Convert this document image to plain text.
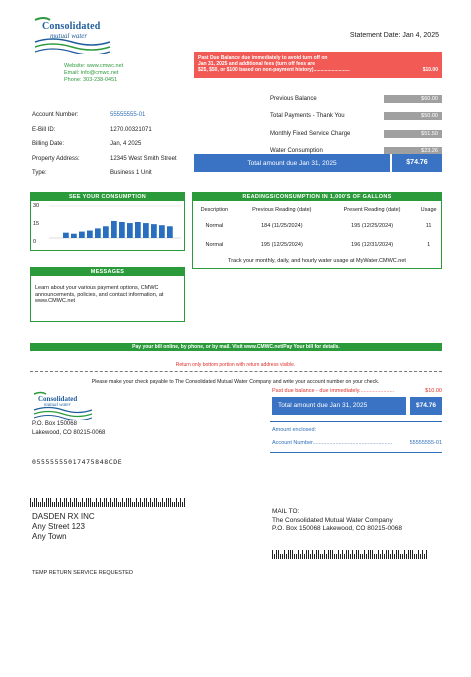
Consolidated
mutual water
Website: www.cmwc.net
Email: info@cmwc.net
Phone: 303-238-0451
Statement Date: Jan 4, 2025
Past Due Balance due immediately to avoid turn off on
Jan 31, 2025 and additional fees (turn off fees are
$25, $50, or $100 based on non-payment history)..........................	$10.00
Account Number:	55555555-01
E-Bill ID:	1270.00321071
Billing Date:	Jan, 4 2025
Property Address:	12345 West Smith Street
Type:	Business 1 Unit
Previous Balance	$60.00
Total Payments - Thank You	$50.00
Monthly Fixed Service Charge	$51.50
Water Consumption	$23.26
Total amount due Jan 31, 2025	$74.76
SEE YOUR CONSUMPTION
30
15
0
READINGS/CONSUMPTION IN 1,000'S OF GALLONS
Description	Previous Reading (date)	Present Reading (date)	Usage
Normal	184 (11/25/2024)	195 (12/25/2024)	11
Normal	195 (12/25/2024)	196 (12/31/2024)	1
Track your monthly, daily, and hourly water usage at MyWater.CMWC.net
MESSAGES
Learn about your various payment options, CMWC announcements, policies, and contact information, at www.CMWC.net
Pay your bill online, by phone, or by mail. Visit www.CMWC.net/Pay Your bill for details.
Return only bottom portion with return address visible.
Please make your check payable to The Consolidated Mutual Water Company and write your account number on your check.
Consolidated
mutual water
P.O. Box 150068
Lakewood, CO 80215-0068
05555555017475848CDE
Past due balance - due immediately.......................	$10.00
Total amount due Jan 31, 2025	$74.76
Amount enclosed:
Account Number....................................................	55555555-01
DASDEN RX INC
Any Street 123
Any Town
MAIL TO:
The Consolidated Mutual Water Company
P.O. Box 150068 Lakewood, CO 80215-0068
TEMP RETURN SERVICE REQUESTED
